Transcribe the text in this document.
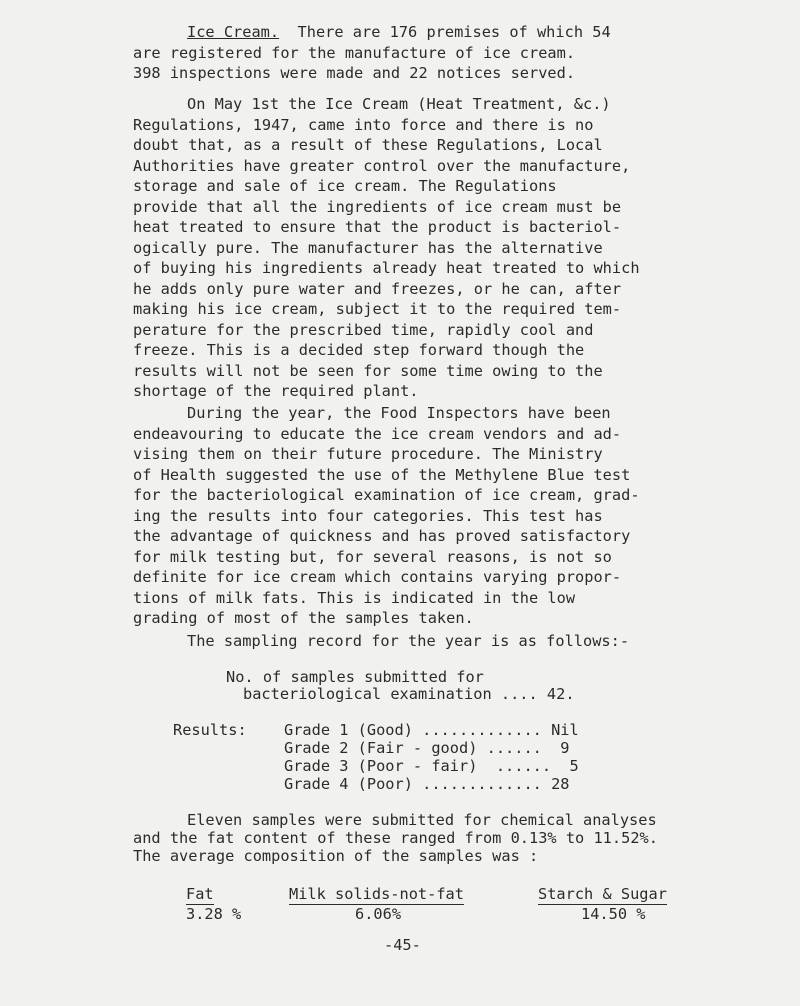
Ice Cream.  There are 176 premises of which 54
are registered for the manufacture of ice cream.
398 inspections were made and 22 notices served.

On May 1st the Ice Cream (Heat Treatment, &c.)
Regulations, 1947, came into force and there is no
doubt that, as a result of these Regulations, Local
Authorities have greater control over the manufacture,
storage and sale of ice cream. The Regulations
provide that all the ingredients of ice cream must be
heat treated to ensure that the product is bacteriol-
ogically pure. The manufacturer has the alternative
of buying his ingredients already heat treated to which
he adds only pure water and freezes, or he can, after
making his ice cream, subject it to the required tem-
perature for the prescribed time, rapidly cool and
freeze. This is a decided step forward though the
results will not be seen for some time owing to the
shortage of the required plant.

During the year, the Food Inspectors have been
endeavouring to educate the ice cream vendors and ad-
vising them on their future procedure. The Ministry
of Health suggested the use of the Methylene Blue test
for the bacteriological examination of ice cream, grad-
ing the results into four categories. This test has
the advantage of quickness and has proved satisfactory
for milk testing but, for several reasons, is not so
definite for ice cream which contains varying propor-
tions of milk fats. This is indicated in the low
grading of most of the samples taken.

The sampling record for the year is as follows:-
No. of samples submitted for
bacteriological examination .... 42.
Results: Grade 1 (Good) ............. Nil
Grade 2 (Fair - good) ......  9
Grade 3 (Poor - fair)  ......  5
Grade 4 (Poor) ............. 28
Eleven samples were submitted for chemical analyses
and the fat content of these ranged from 0.13% to 11.52%.
The average composition of the samples was :
Fat	Milk solids-not-fat	Starch & Sugar
3.28 %	6.06%	14.50 %
-45-
